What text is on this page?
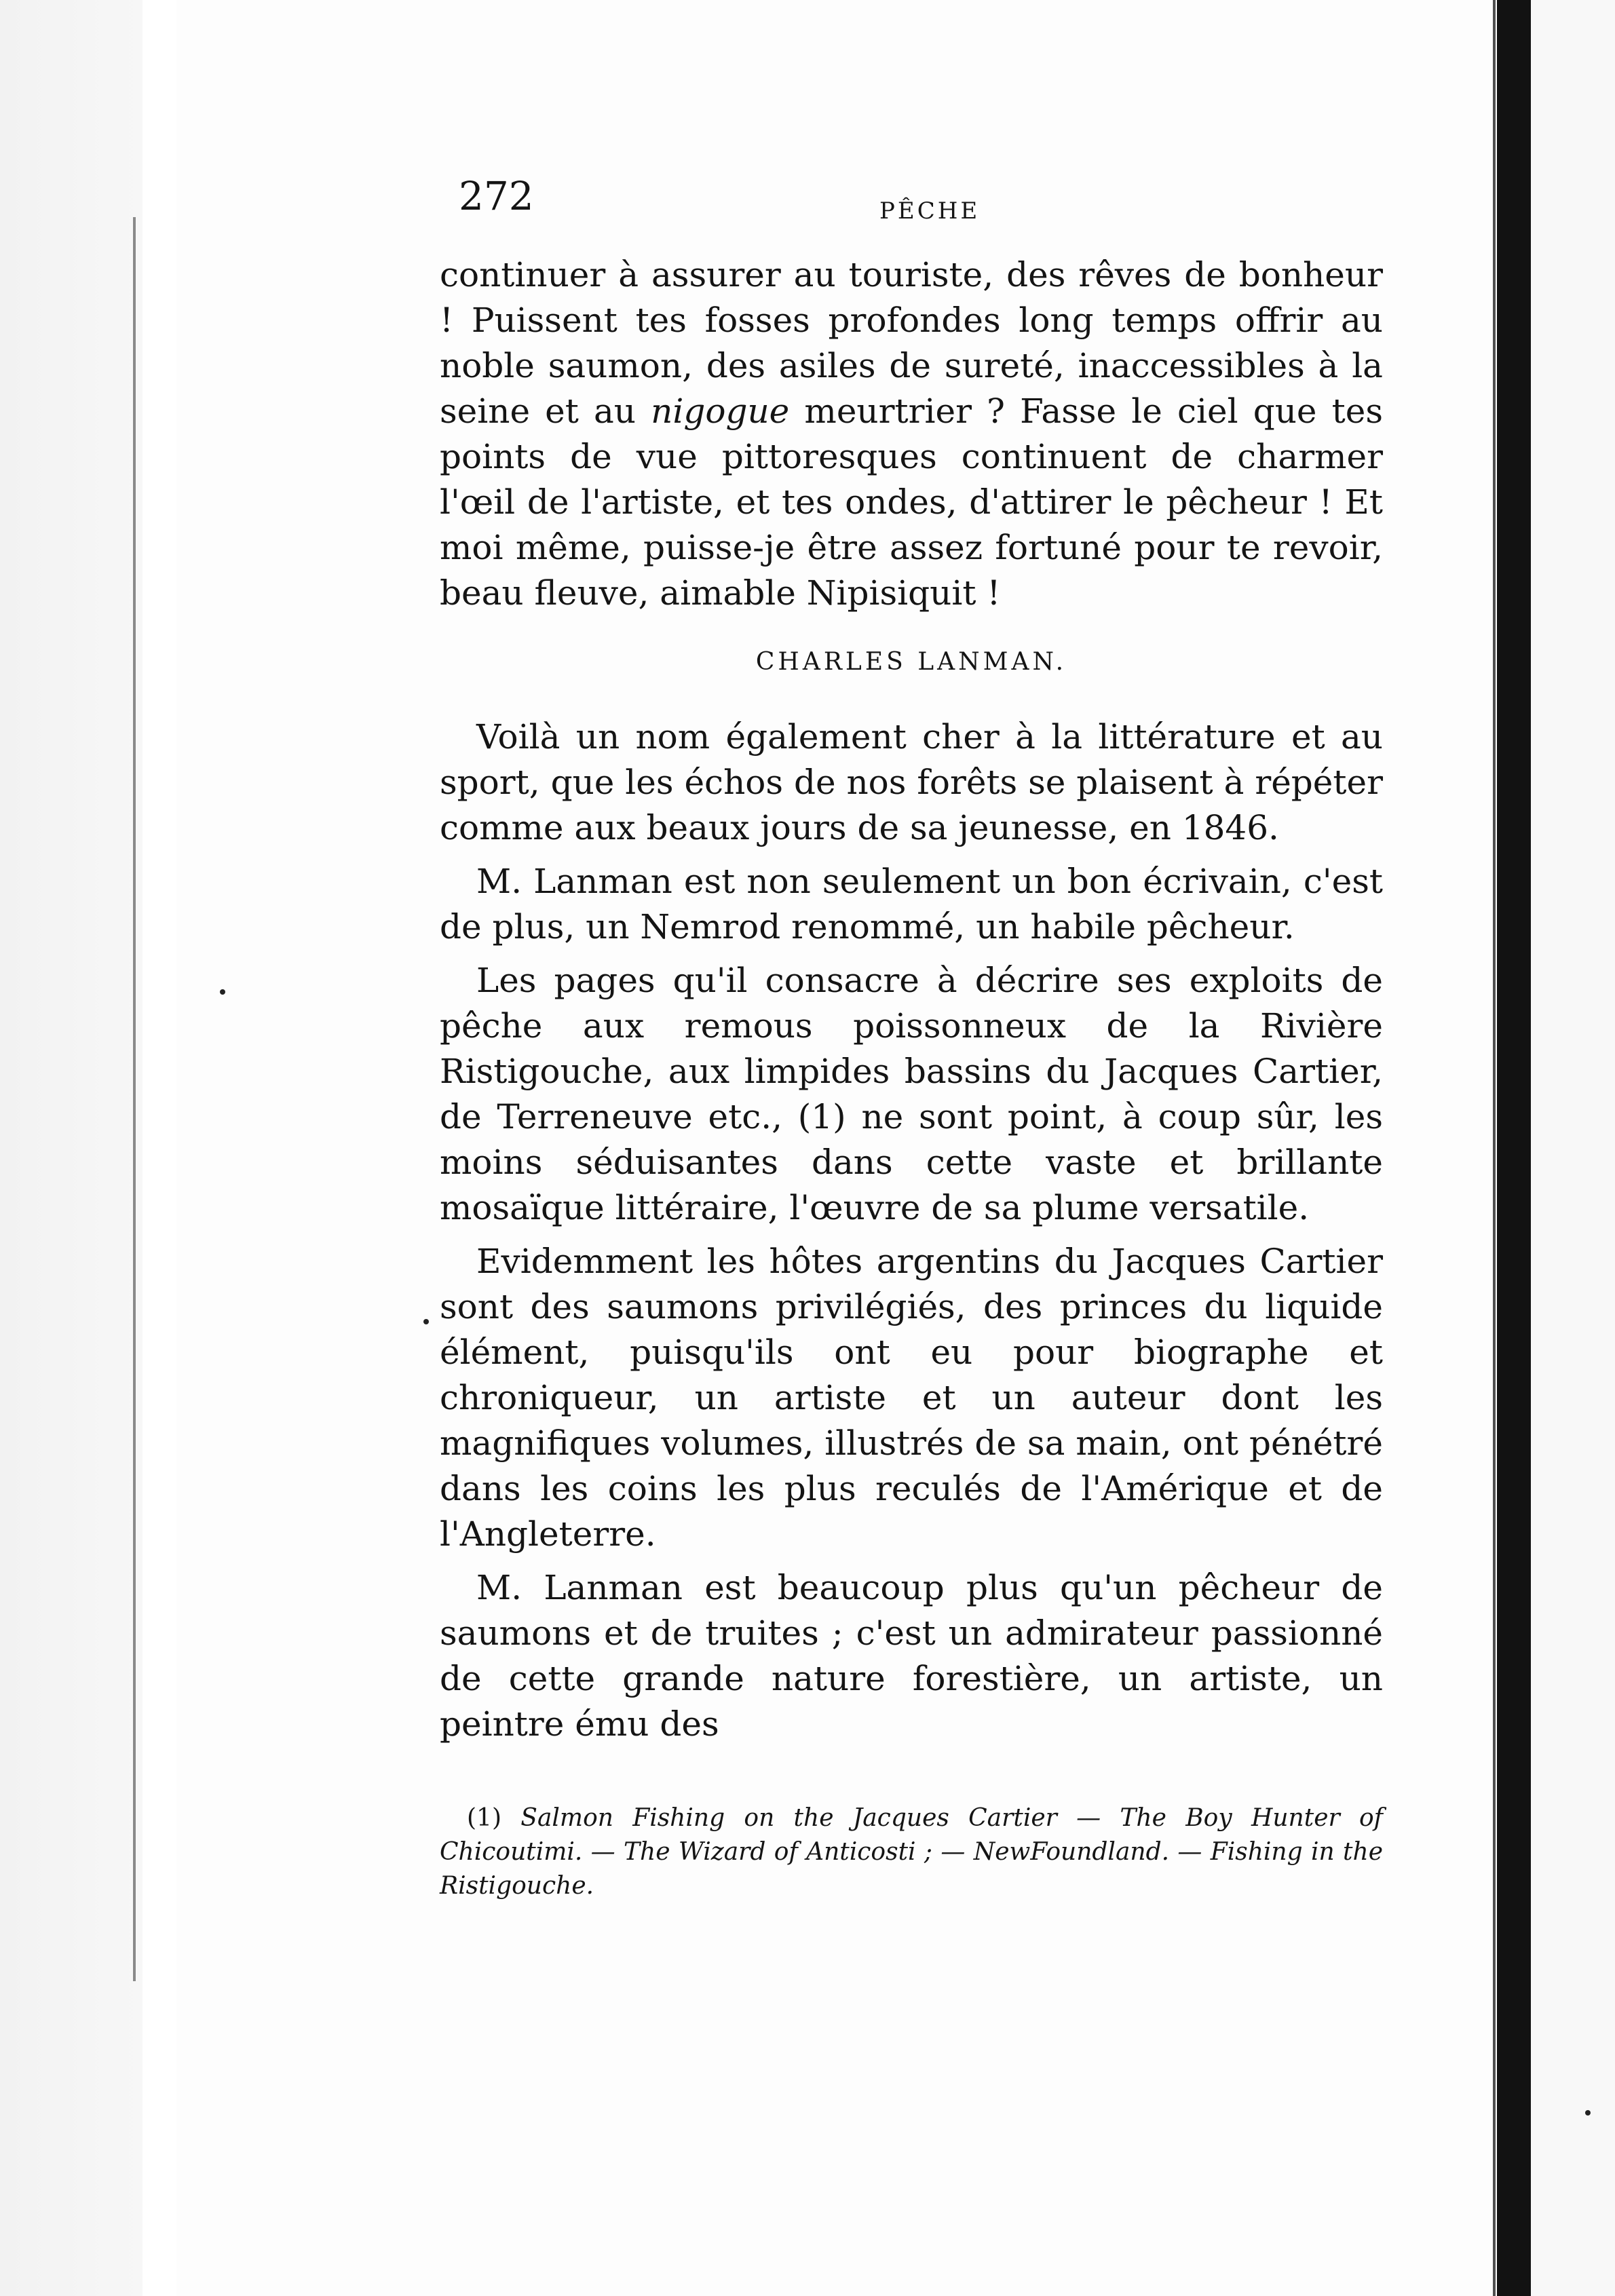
272	PÊCHE

continuer à assurer au touriste, des rêves de bonheur ! Puissent tes fosses profondes long temps offrir au noble saumon, des asiles de sureté, inaccessibles à la seine et au nigogue meurtrier ? Fasse le ciel que tes points de vue pittoresques continuent de charmer l'œil de l'artiste, et tes ondes, d'attirer le pêcheur ! Et moi même, puisse-je être assez fortuné pour te revoir, beau fleuve, aimable Nipisiquit !

CHARLES LANMAN.

Voilà un nom également cher à la littérature et au sport, que les échos de nos forêts se plaisent à répéter comme aux beaux jours de sa jeunesse, en 1846.

M. Lanman est non seulement un bon écrivain, c'est de plus, un Nemrod renommé, un habile pêcheur.

Les pages qu'il consacre à décrire ses exploits de pêche aux remous poissonneux de la Rivière Ristigouche, aux limpides bassins du Jacques Cartier, de Terreneuve etc., (1) ne sont point, à coup sûr, les moins séduisantes dans cette vaste et brillante mosaïque littéraire, l'œuvre de sa plume versatile.

Evidemment les hôtes argentins du Jacques Cartier sont des saumons privilégiés, des princes du liquide élément, puisqu'ils ont eu pour biographe et chroniqueur, un artiste et un auteur dont les magnifiques volumes, illustrés de sa main, ont pénétré dans les coins les plus reculés de l'Amérique et de l'Angleterre.

M. Lanman est beaucoup plus qu'un pêcheur de saumons et de truites ; c'est un admirateur passionné de cette grande nature forestière, un artiste, un peintre ému des

(1) Salmon Fishing on the Jacques Cartier — The Boy Hunter of Chicoutimi. — The Wizard of Anticosti ; — NewFoundland. — Fishing in the Ristigouche.
